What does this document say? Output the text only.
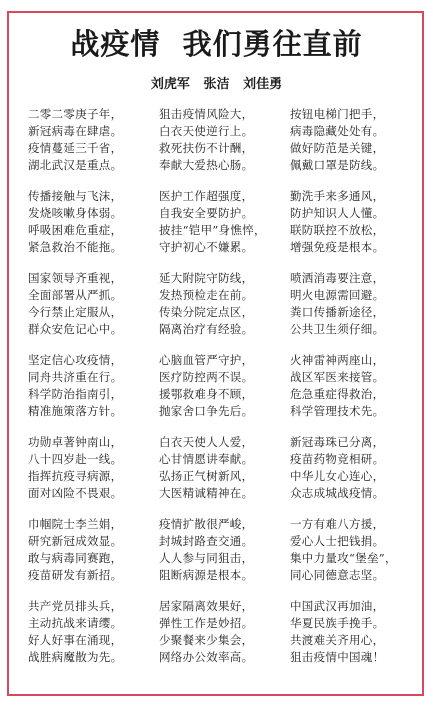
战疫情  我们勇往直前
刘虎军   张洁   刘佳勇
二零二零庚子年，
新冠病毒在肆虐。
疫情蔓延三千省，
湖北武汉是重点。
狙击疫情风险大，
白衣天使逆行上。
救死扶伤不计酬，
奉献大爱热心肠。
按钮电梯门把手，
病毒隐藏处处有。
做好防范是关键，
佩戴口罩是防线。
传播接触与飞沫，
发烧咳嗽身体弱。
呼吸困难危重症，
紧急救治不能拖。
医护工作超强度，
自我安全要防护。
披挂“铠甲”身憔悴，
守护初心不嫌累。
勤洗手来多通风，
防护知识人人懂。
联防联控不放松，
增强免疫是根本。
国家领导齐重视，
全面部署从严抓。
今行禁止定服从，
群众安危记心中。
延大附院守防线，
发热预检走在前。
传染分院定点区，
隔离治疗有经验。
喷洒消毒要注意，
明火电源需回避。
粪口传播新途径，
公共卫生须仔细。
坚定信心攻疫情，
同舟共济重在行。
科学防治指南引，
精准施策落方针。
心脑血管严守护，
医疗防控两不误。
援鄂救难身不顾，
抛家舍口争先后。
火神雷神两座山，
战区军医来接管。
危急重症得救治，
科学管理技术先。
功勋卓著钟南山，
八十四岁赴一线。
指挥抗疫寻病源，
面对凶险不畏艰。
白衣天使人人爱，
心甘情愿讲奉献。
弘扬正气树新风，
大医精诚精神在。
新冠毒珠已分离，
疫苗药物竞相研。
中华儿女心连心，
众志成城战疫情。
巾帼院士李兰娟，
研究新冠成效显。
敢与病毒同赛跑，
疫苗研发有新招。
疫情扩散很严峻，
封城封路查交通。
人人参与同狙击，
阻断病源是根本。
一方有难八方援，
爱心人士把钱捐。
集中力量攻“堡垒”，
同心同德意志坚。
共产党员排头兵，
主动抗战来请缨。
好人好事在涌现，
战胜病魔散为先。
居家隔离效果好，
弹性工作是妙招。
少聚餐来少集会，
网络办公效率高。
中国武汉再加油，
华夏民族手挽手。
共渡难关齐用心，
狙击疫情中国魂！
